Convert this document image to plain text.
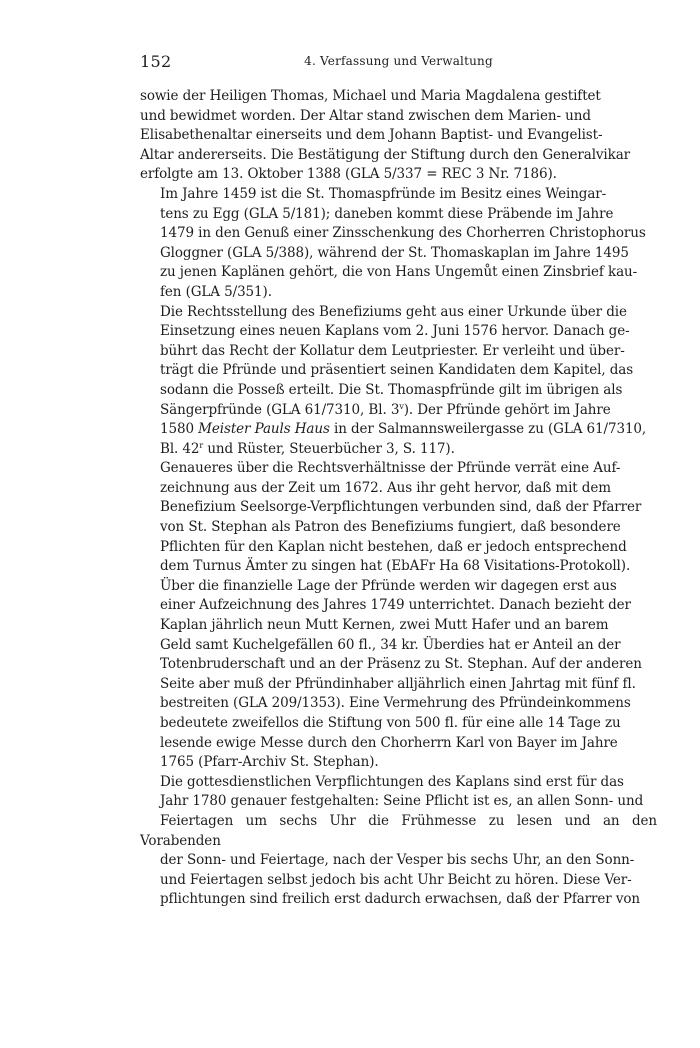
152	4. Verfassung und Verwaltung

sowie der Heiligen Thomas, Michael und Maria Magdalena gestiftet
und bewidmet worden. Der Altar stand zwischen dem Marien- und
Elisabethenaltar einerseits und dem Johann Baptist- und Evangelist-
Altar andererseits. Die Bestätigung der Stiftung durch den Generalvikar
erfolgte am 13. Oktober 1388 (GLA 5/337 = REC 3 Nr. 7186).

Im Jahre 1459 ist die St. Thomaspfründe im Besitz eines Weingar-
tens zu Egg (GLA 5/181); daneben kommt diese Präbende im Jahre
1479 in den Genuß einer Zinsschenkung des Chorherren Christophorus
Gloggner (GLA 5/388), während der St. Thomaskaplan im Jahre 1495
zu jenen Kaplänen gehört, die von Hans Ungemůt einen Zinsbrief kau-
fen (GLA 5/351).

Die Rechtsstellung des Benefiziums geht aus einer Urkunde über die
Einsetzung eines neuen Kaplans vom 2. Juni 1576 hervor. Danach ge-
bührt das Recht der Kollatur dem Leutpriester. Er verleiht und über-
trägt die Pfründe und präsentiert seinen Kandidaten dem Kapitel, das
sodann die Posseß erteilt. Die St. Thomaspfründe gilt im übrigen als
Sängerpfründe (GLA 61/7310, Bl. 3$^v$). Der Pfründe gehört im Jahre
1580 Meister Pauls Haus in der Salmannsweilergasse zu (GLA 61/7310,
Bl. 42$^r$ und Rüster, Steuerbücher 3, S. 117).

Genaueres über die Rechtsverhältnisse der Pfründe verrät eine Auf-
zeichnung aus der Zeit um 1672. Aus ihr geht hervor, daß mit dem
Benefizium Seelsorge-Verpflichtungen verbunden sind, daß der Pfarrer
von St. Stephan als Patron des Benefiziums fungiert, daß besondere
Pflichten für den Kaplan nicht bestehen, daß er jedoch entsprechend
dem Turnus Ämter zu singen hat (EbAFr Ha 68 Visitations-Protokoll).

Über die finanzielle Lage der Pfründe werden wir dagegen erst aus
einer Aufzeichnung des Jahres 1749 unterrichtet. Danach bezieht der
Kaplan jährlich neun Mutt Kernen, zwei Mutt Hafer und an barem
Geld samt Kuchelgefällen 60 fl., 34 kr. Überdies hat er Anteil an der
Totenbruderschaft und an der Präsenz zu St. Stephan. Auf der anderen
Seite aber muß der Pfründinhaber alljährlich einen Jahrtag mit fünf fl.
bestreiten (GLA 209/1353). Eine Vermehrung des Pfründeinkommens
bedeutete zweifellos die Stiftung von 500 fl. für eine alle 14 Tage zu
lesende ewige Messe durch den Chorherrn Karl von Bayer im Jahre
1765 (Pfarr-Archiv St. Stephan).

Die gottesdienstlichen Verpflichtungen des Kaplans sind erst für das
Jahr 1780 genauer festgehalten: Seine Pflicht ist es, an allen Sonn- und
Feiertagen um sechs Uhr die Frühmesse zu lesen und an den Vorabenden
der Sonn- und Feiertage, nach der Vesper bis sechs Uhr, an den Sonn-
und Feiertagen selbst jedoch bis acht Uhr Beicht zu hören. Diese Ver-
pflichtungen sind freilich erst dadurch erwachsen, daß der Pfarrer von
